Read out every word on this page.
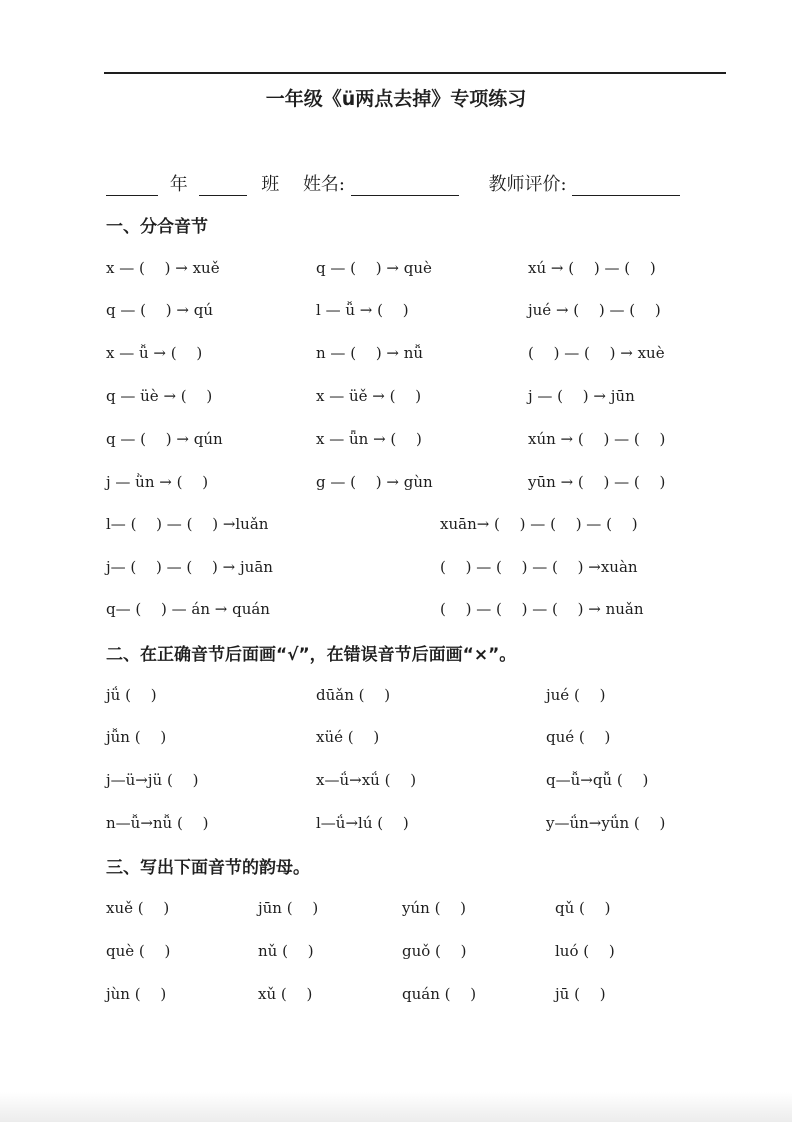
一年级《ü两点去掉》专项练习
年	班 姓名:	教师评价:
一、分合音节
x — (　 ) → xuě	q — (　 ) → què	xú → (　 ) — (　 )
q — (　 ) → qú	l — ǚ → (　 )	jué → (　 ) — (　 )
x — ǚ → (　 )	n — (　 ) → nǚ	(　 ) — (　 ) → xuè
q — üè → (　 )	x — üě → (　 )	j — (　 ) → jūn
q — (　 ) → qún	x — ǖn → (　 )	xún → (　 ) — (　 )
j — ǜn → (　 )	g — (　 ) → gùn	yūn → (　 ) — (　 )
l— (　 ) — (　 ) →luǎn	xuān→ (　 ) — (　 ) — (　 )
j— (　 ) — (　 ) → juān	(　 ) — (　 ) — (　 ) →xuàn
q— (　 ) — án → quán	(　 ) — (　 ) — (　 ) → nuǎn
二、在正确音节后面画“√”，在错误音节后面画“×”。
jǘ (　 )	dūǎn (　 )	jué (　 )
jǚn (　 )	xüé (　 )	qué (　 )
j—ü→jü (　 )	x—ǘ→xǘ (　 )	q—ǚ→qǚ (　 )
n—ǚ→nǚ (　 )	l—ǘ→lú (　 )	y—ǘn→yǘn (　 )
三、写出下面音节的韵母。
xuě (　 )	jūn (　 )	yún (　 )	qǔ (　 )
què (　 )	nǔ (　 )	guǒ (　 )	luó (　 )
jùn (　 )	xǔ (　 )	quán (　 )	jū (　 )
